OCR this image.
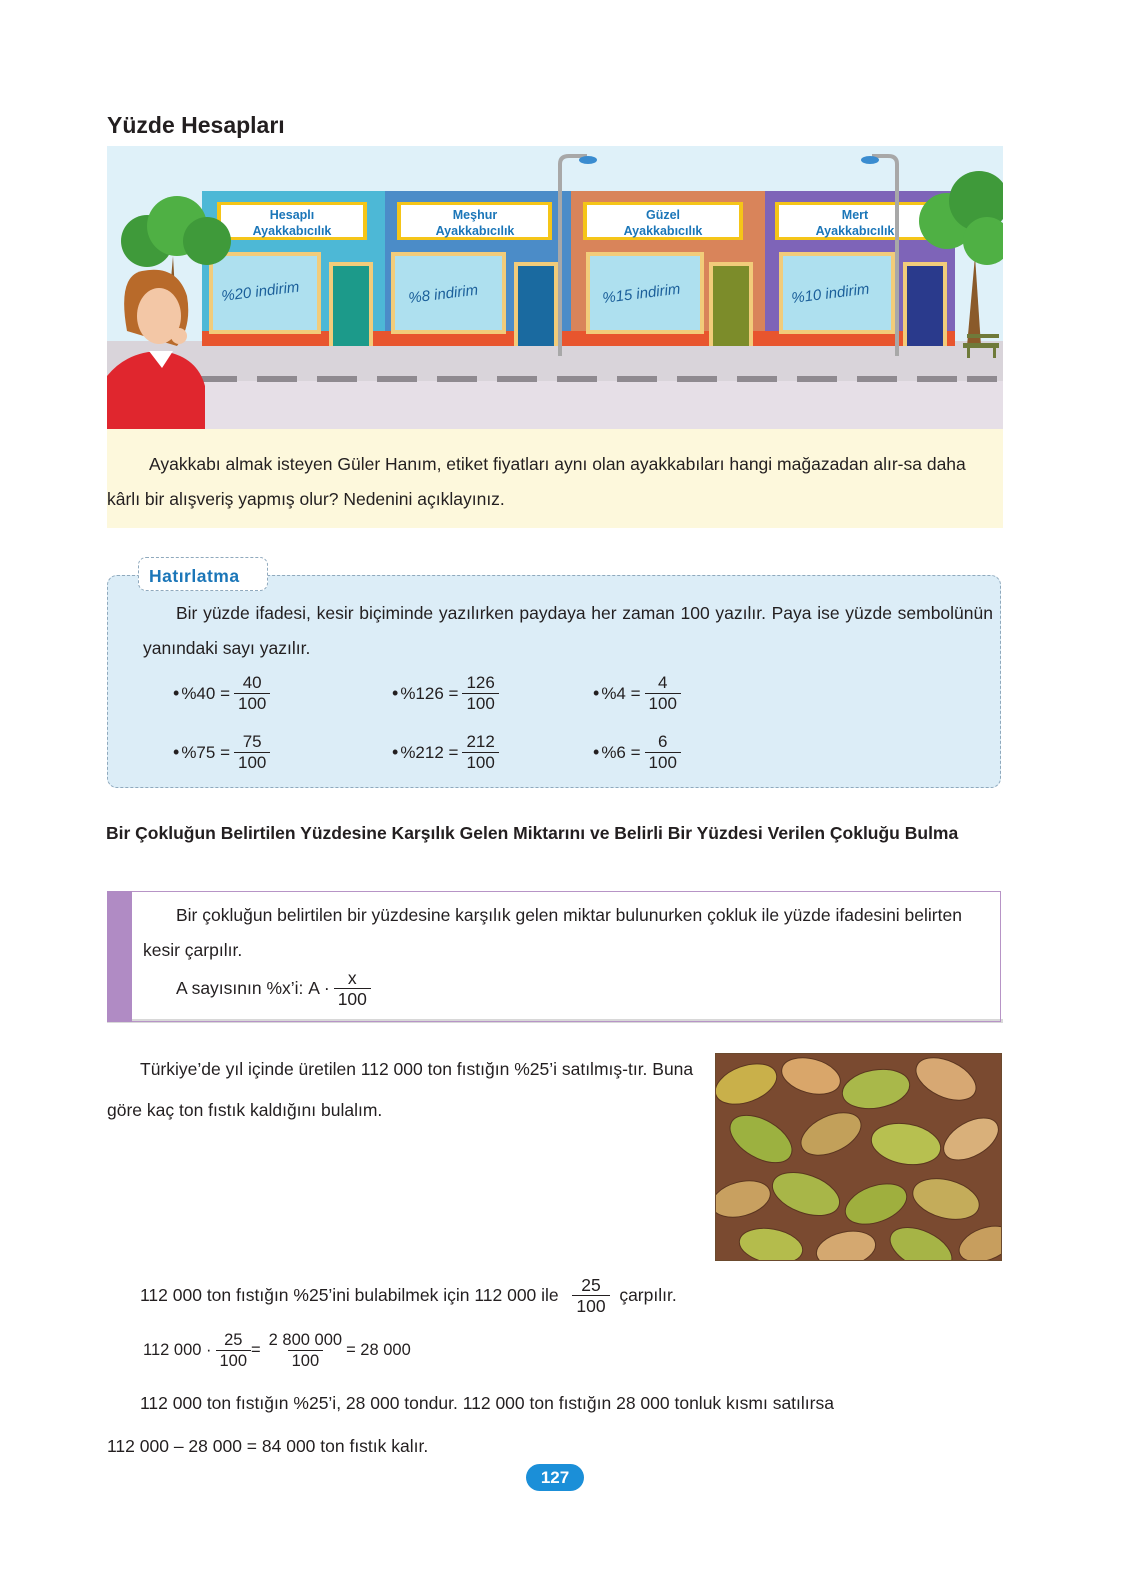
Yüzde Hesapları
Hesaplı
Ayakkabıcılık
Meşhur
Ayakkabıcılık
Güzel
Ayakkabıcılık
Mert
Ayakkabıcılık
%20 indirim	%8 indirim	%15 indirim	%10 indirim
Ayakkabı almak isteyen Güler Hanım, etiket fiyatları aynı olan ayakkabıları hangi mağazadan alır-sa daha kârlı bir alışveriş yapmış olur? Nedenini açıklayınız.
Hatırlatma
Bir yüzde ifadesi, kesir biçiminde yazılırken paydaya her zaman 100 yazılır. Paya ise yüzde sembolünün yanındaki sayı yazılır.
• $\%40 = \frac{40}{100}$	• $\%126 = \frac{126}{100}$	• $\%4 = \frac{4}{100}$
• $\%75 = \frac{75}{100}$	• $\%212 = \frac{212}{100}$	• $\%6 = \frac{6}{100}$
Bir Çokluğun Belirtilen Yüzdesine Karşılık Gelen Miktarını ve Belirli Bir Yüzdesi Verilen Çokluğu Bulma
Bir çokluğun belirtilen bir yüzdesine karşılık gelen miktar bulunurken çokluk ile yüzde ifadesini belirten kesir çarpılır.
A sayısının %x’i:
$A \cdot \frac{x}{100}$
Türkiye’de yıl içinde üretilen 112 000 ton fıstığın %25’i satılmış-tır. Buna göre kaç ton fıstık kaldığını bulalım.
112 000 ton fıstığın %25’ini bulabilmek için 112 000 ile
$\frac{25}{100}$
çarpılır.
112 $000 \cdot \frac{25}{100} = \frac{2 800 000}{100} = 28$ 000
112 000 ton fıstığın %25’i, 28 000 tondur. 112 000 ton fıstığın 28 000 tonluk kısmı satılırsa
112 000 – 28 000 = 84 000 ton fıstık kalır.
127
